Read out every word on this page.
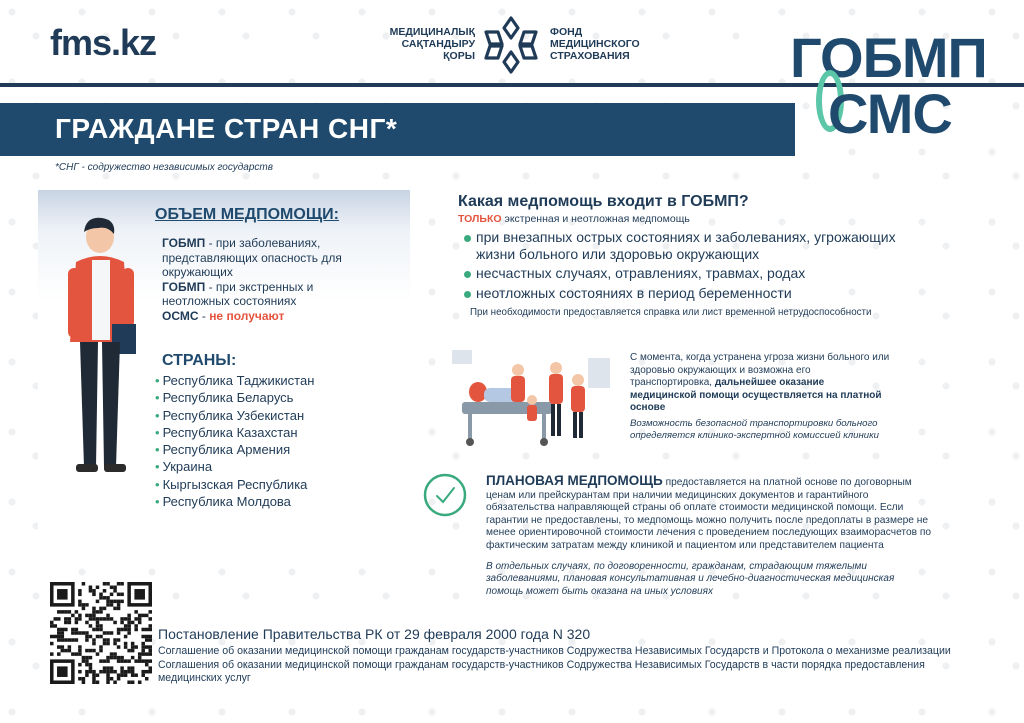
fms.kz	МЕДИЦИНАЛЫҚ
САҚТАНДЫРУ
ҚОРЫ
ФОНД
МЕДИЦИНСКОГО
СТРАХОВАНИЯ	ГОБМП
СМС
ГРАЖДАНЕ СТРАН СНГ*
*СНГ - содружество независимых государств
ОБЪЕМ МЕДПОМОЩИ:
ГОБМП - при заболеваниях, представляющих опасность для окружающих
ГОБМП - при экстренных и неотложных состояниях
ОСМС - не получают
СТРАНЫ:
• Республика Таджикистан
• Республика Беларусь
• Республика Узбекистан
• Республика Казахстан
• Республика Армения
• Украина
• Кыргызская Республика
• Республика Молдова
Какая медпомощь входит в ГОБМП?
ТОЛЬКО экстренная и неотложная медпомощь
при внезапных острых состояниях и заболеваниях, угрожающих жизни больного или здоровью окружающих
несчастных случаях, отравлениях, травмах, родах
неотложных состояниях в период беременности
При необходимости предоставляется справка или лист временной нетрудоспособности
С момента, когда устранена угроза жизни больного или здоровью окружающих и возможна его транспортировка, дальнейшее оказание медицинской помощи осуществляется на платной основе
Возможность безопасной транспортировки больного определяется клинико-экспертной комиссией клиники
ПЛАНОВАЯ МЕДПОМОЩЬ предоставляется на платной основе по договорным ценам или прейскурантам при наличии медицинских документов и гарантийного обязательства направляющей страны об оплате стоимости медицинской помощи. Если гарантии не предоставлены, то медпомощь можно получить после предоплаты в размере не менее ориентировочной стоимости лечения с проведением последующих взаиморасчетов по фактическим затратам между клиникой и пациентом или представителем пациента
В отдельных случаях, по договоренности, гражданам, страдающим тяжелыми заболеваниями, плановая консультативная и лечебно-диагностическая медицинская помощь может быть оказана на иных условиях
Постановление Правительства РК от 29 февраля 2000 года N 320
Соглашение об оказании медицинской помощи гражданам государств-участников Содружества Независимых Государств и Протокола о механизме реализации Соглашения об оказании медицинской помощи гражданам государств-участников Содружества Независимых Государств в части порядка предоставления медицинских услуг
